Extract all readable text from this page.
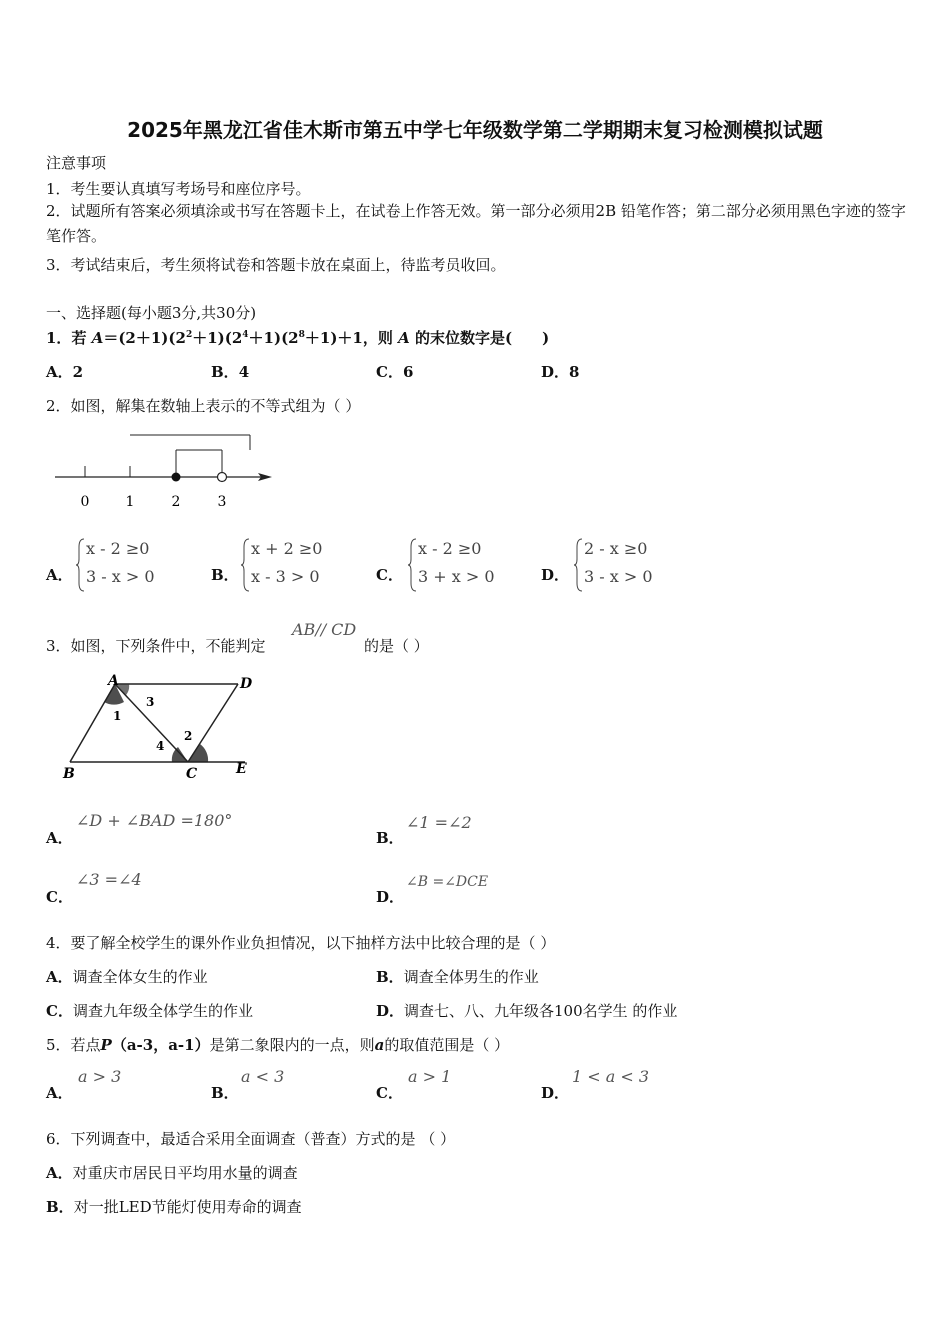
2025年黑龙江省佳木斯市第五中学七年级数学第二学期期末复习检测模拟试题
注意事项
1．考生要认真填写考场号和座位序号。
2．试题所有答案必须填涂或书写在答题卡上，在试卷上作答无效。第一部分必须用2B 铅笔作答；第二部分必须用黑色字迹的签字笔作答。
3．考试结束后，考生须将试卷和答题卡放在桌面上，待监考员收回。
一、选择题(每小题3分,共30分)
1．若 $A=(2+1)(2^2+1)(2^4+1)(2^8+1)+1$，则 A 的末位数字是(　　)
A．2	B．4	C．6	D．8
2．如图，解集在数轴上表示的不等式组为（ ）
0	1	2	3
A．
x - 2 ≥0
3 - x > 0	B．
x + 2 ≥0
x - 3 > 0	C．
x - 2 ≥0
3 + x > 0	D．
2 - x ≥0
3 - x > 0
3．如图，下列条件中，不能判定
AB// CD
的是（ ）
A	D
B	C	E
1
3
2
4
A．
∠D + ∠BAD =180°
B．
∠1 =∠2
C．
∠3 =∠4
D．
∠B =∠DCE
4．要了解全校学生的课外作业负担情况，以下抽样方法中比较合理的是（ ）
A．调查全体女生的作业	B．调查全体男生的作业
C．调查九年级全体学生的作业	D．调查七、八、九年级各100名学生 的作业
5．若点P（a-3，a-1）是第二象限内的一点，则a的取值范围是（ ）
A．
a > 3
B．
a < 3
C．
a > 1
D．
1 < a < 3
6．下列调查中，最适合采用全面调查（普查）方式的是 （ ）
A．对重庆市居民日平均用水量的调查
B．对一批LED节能灯使用寿命的调查
